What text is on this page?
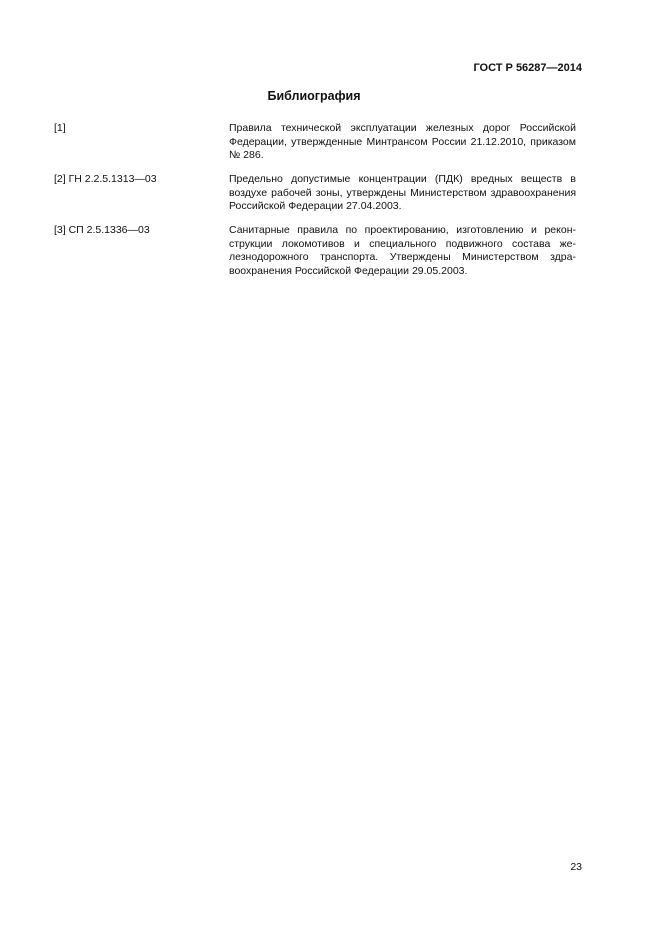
ГОСТ Р 56287—2014
Библиография
[1]	Правила технической эксплуатации железных дорог Российской Федерации, утвержденные Минтрансом России 21.12.2010, приказом № 286.
[2] ГН 2.2.5.1313—03	Предельно допустимые концентрации (ПДК) вредных веществ в воздухе рабочей зоны, утверждены Министерством здравоохранения Российской Федерации 27.04.2003.
[3] СП 2.5.1336—03	Санитарные правила по проектированию, изготовлению и реконструкции локомотивов и специального подвижного состава железнодорожного транспорта. Утверждены Министерством здравоохранения Российской Федерации 29.05.2003.
23
